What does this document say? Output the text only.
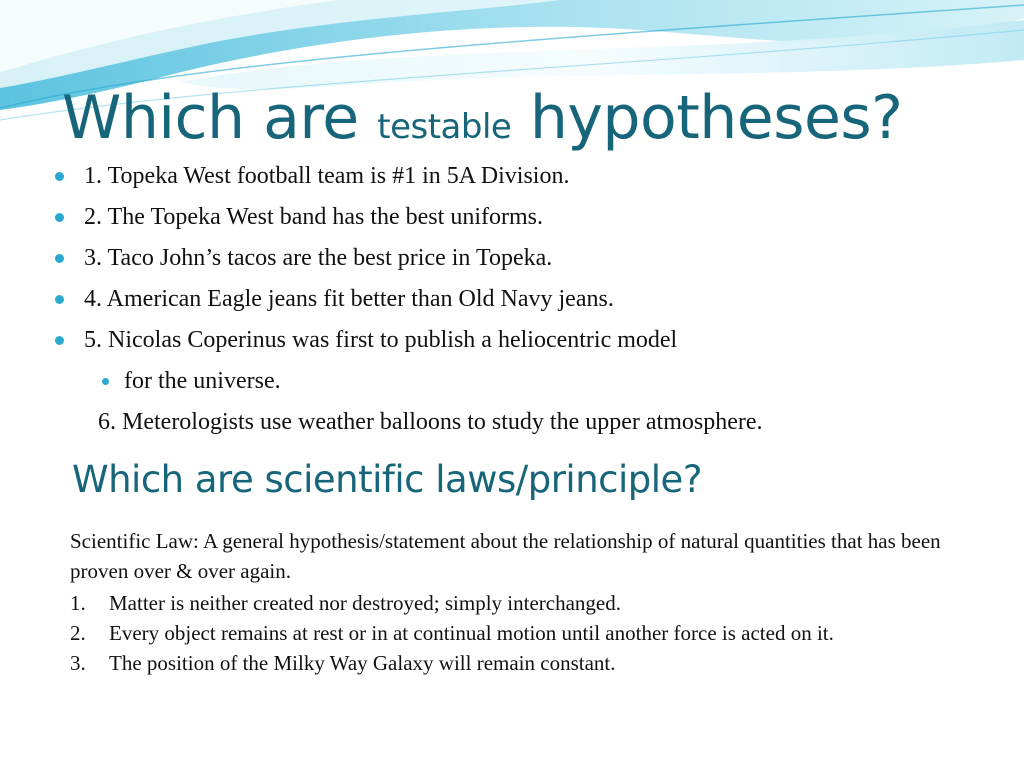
Which are testable hypotheses?
1. Topeka West football team is #1 in 5A Division.
2. The Topeka West band has the best uniforms.
3. Taco John’s tacos are the best price in Topeka.
4. American Eagle jeans fit better than Old Navy jeans.
5. Nicolas Coperinus was first to publish a heliocentric model
for the universe.
6. Meterologists use weather balloons to study the upper atmosphere.
Which are scientific laws/principle?
Scientific Law: A general hypothesis/statement about the relationship of natural quantities that has been proven over & over again.
1. Matter is neither created nor destroyed; simply interchanged.
2. Every object remains at rest or in at continual motion until another force is acted on it.
3. The position of the Milky Way Galaxy will remain constant.
